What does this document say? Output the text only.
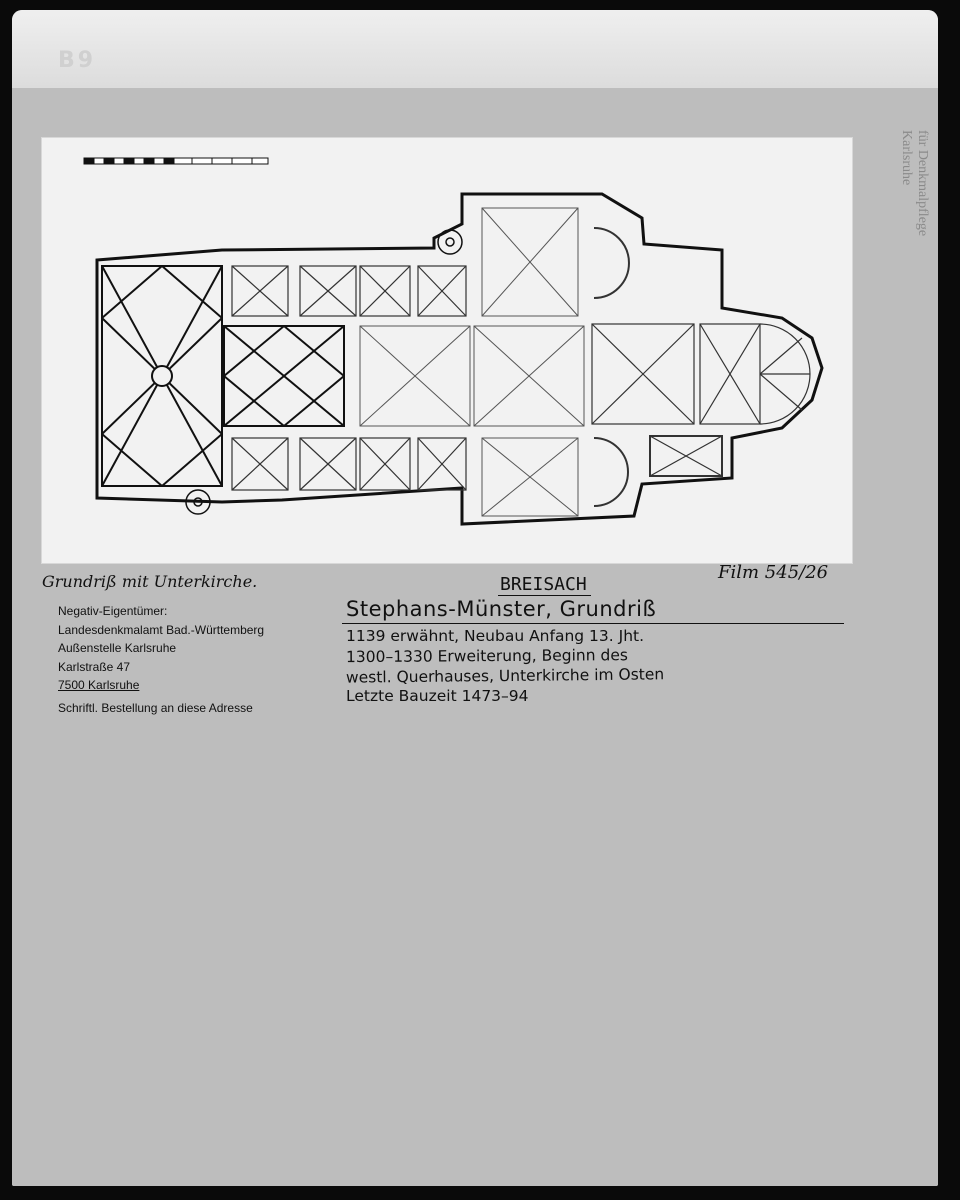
B9
für Denkmalpflege
Karlsruhe
Grundriß mit Unterkirche.
Negativ-Eigentümer:
Landesdenkmalamt Bad.-Württemberg
Außenstelle Karlsruhe
Karlstraße 47
7500 Karlsruhe
Schriftl. Bestellung an diese Adresse
BREISACH
Film 545/26
Stephans-Münster, Grundriß
1139 erwähnt, Neubau Anfang 13. Jht.
1300–1330 Erweiterung, Beginn des
westl. Querhauses, Unterkirche im Osten
Letzte Bauzeit 1473–94
